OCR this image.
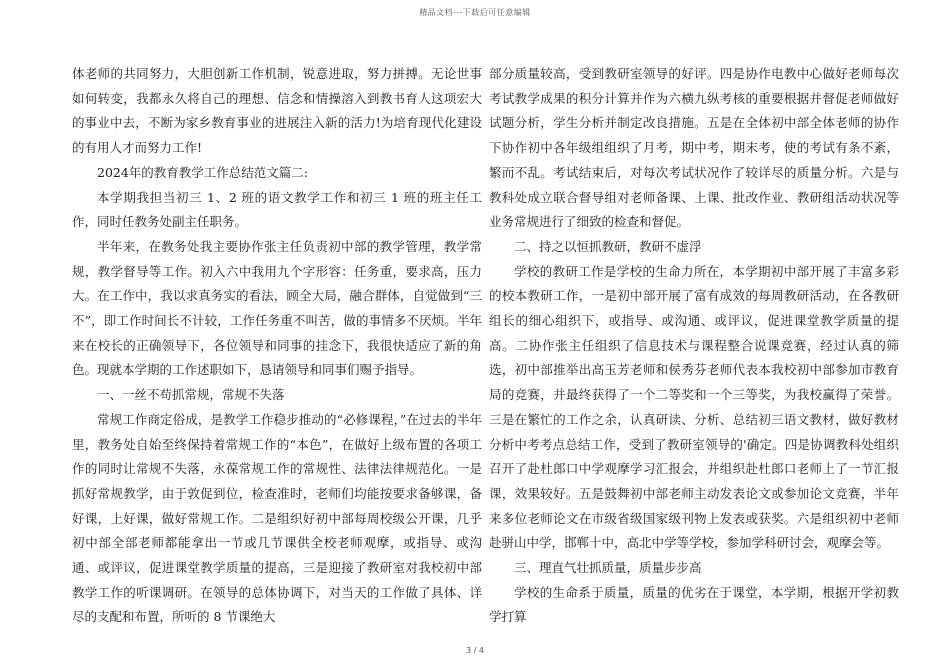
精品文档---下载后可任意编辑

体老师的共同努力，大胆创新工作机制，锐意进取，努力拼搏。无论世事如何转变，我都永久将自己的理想、信念和情操溶入到教书育人这项宏大的事业中去，不断为家乡教育事业的进展注入新的活力!为培育现代化建设的有用人才而努力工作!

2024年的教育教学工作总结范文篇二:

本学期我担当初三 1、2 班的语文教学工作和初三 1 班的班主任工作，同时任教务处副主任职务。

半年来，在教务处我主要协作张主任负责初中部的教学管理，教学常规，教学督导等工作。初入六中我用九个字形容：任务重，要求高，压力大。在工作中，我以求真务实的看法，顾全大局，融合群体，自觉做到“三不”，即工作时间长不计较，工作任务重不叫苦，做的事情多不厌烦。半年来在校长的正确领导下，各位领导和同事的挂念下，我很快适应了新的角色。现就本学期的工作述职如下，恳请领导和同事们赐予指导。

一、一丝不苟抓常规，常规不失落

常规工作商定俗成，是教学工作稳步推动的“必修课程，”在过去的半年里，教务处自始至终保持着常规工作的“本色”，在做好上级布置的各项工作的同时让常规不失落，永葆常规工作的常规性、法律法律规范化。一是抓好常规教学，由于敦促到位，检查准时，老师们均能按要求备够课，备好课，上好课，做好常规工作。二是组织好初中部每周校级公开课，几乎初中部全部老师都能拿出一节或几节课供全校老师观摩，或指导、或沟通、或评议，促进课堂教学质量的提高，三是迎接了教研室对我校初中部教学工作的听课调研。在领导的总体协调下，对当天的工作做了具体、详尽的支配和布置，所听的 8 节课绝大

部分质量较高，受到教研室领导的好评。四是协作电教中心做好老师每次考试教学成果的积分计算并作为六横九纵考核的重要根据并督促老师做好试题分析，学生分析并制定改良措施。五是在全体初中部全体老师的协作下协作初中各年级组组织了月考，期中考，期末考，使的考试有条不紊，繁而不乱。考试结束后，对每次考试状况作了较详尽的质量分析。六是与教科处成立联合督导组对老师备课、上课、批改作业、教研组活动状况等业务常规进行了细致的检查和督促。

二、持之以恒抓教研，教研不虚浮

学校的教研工作是学校的生命力所在，本学期初中部开展了丰富多彩的校本教研工作，一是初中部开展了富有成效的每周教研活动，在各教研组长的细心组织下，或指导、或沟通、或评议，促进课堂教学质量的提高。二协作张主任组织了信息技术与课程整合说课竞赛，经过认真的筛选，初中部推举出高玉芳老师和侯秀芬老师代表本我校初中部参加市教育局的竞赛，并最终获得了一个二等奖和一个三等奖，为我校赢得了荣誉。三是在繁忙的工作之余，认真研读、分析、总结初三语文教材，做好教材分析中考考点总结工作，受到了教研室领导的'确定。四是协调教科处组织召开了赴杜郎口中学观摩学习汇报会，并组织赴杜郎口老师上了一节汇报课，效果较好。五是鼓舞初中部老师主动发表论文或参加论文竞赛，半年来多位老师论文在市级省级国家级刊物上发表或获奖。六是组织初中老师赴骈山中学，邯郸十中，高北中学等学校，参加学科研讨会，观摩会等。

三、理直气壮抓质量，质量步步高

学校的生命系于质量，质量的优劣在于课堂，本学期，根据开学初教学打算

3 / 4
